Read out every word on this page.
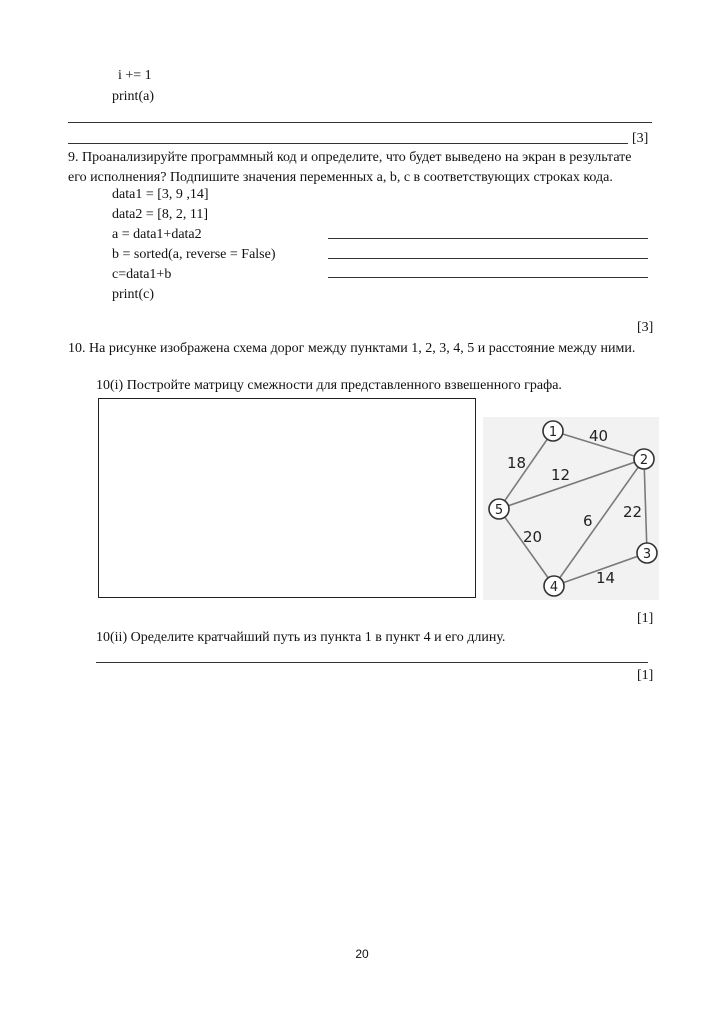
i += 1
print(a)
[3]
9. Проанализируйте программный код и определите, что будет выведено на экран в результате
его исполнения? Подпишите значения переменных a, b, c в соответствующих строках кода.
data1 = [3, 9 ,14]
data2 = [8, 2, 11]
a = data1+data2
b = sorted(a, reverse = False)
c=data1+b
print(c)
[3]
10. На рисунке изображена схема дорог между пунктами 1, 2, 3, 4, 5 и расстояние между ними.
10(i) Постройте матрицу смежности для представленного взвешенного графа.
40
18
12
6 22
20
14
1
2
3
4
5
[1]
10(ii) Оределите кратчайший путь из пункта 1 в пункт 4 и его длину.
[1]
20
